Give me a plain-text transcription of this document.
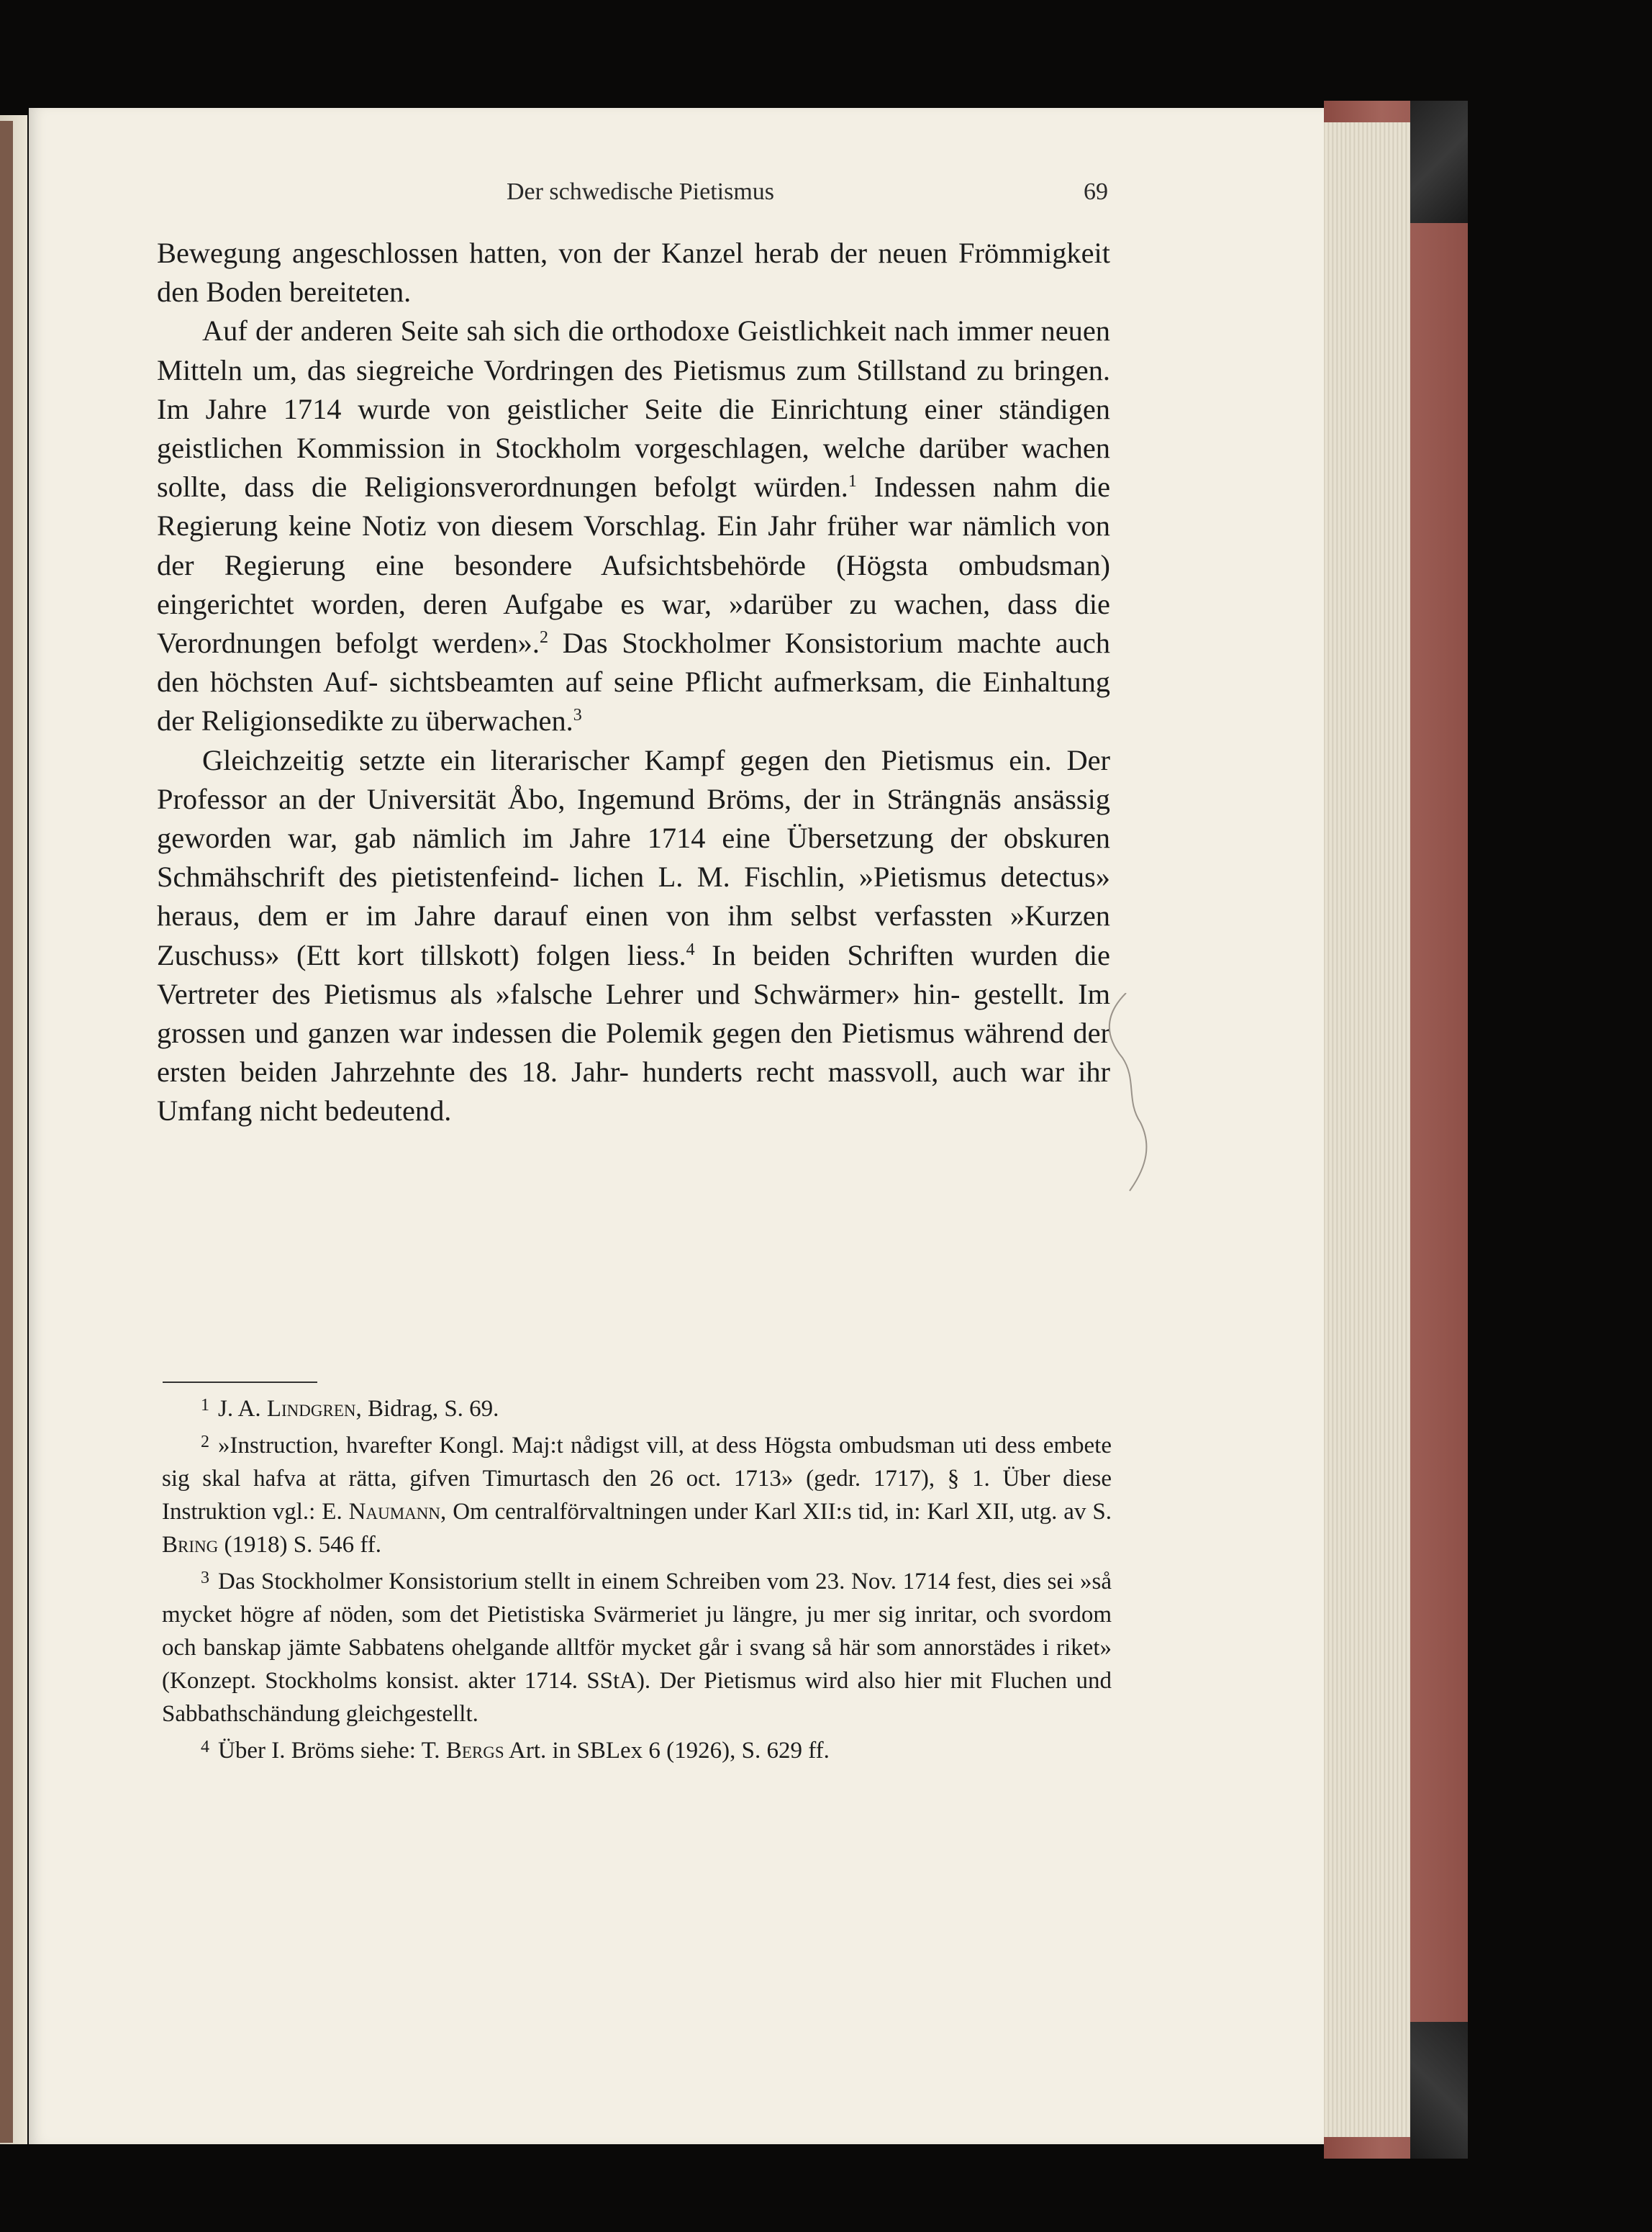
Der schwedische Pietismus	69

Bewegung angeschlossen hatten, von der Kanzel herab der neuen Frömmigkeit den Boden bereiteten.

Auf der anderen Seite sah sich die orthodoxe Geistlichkeit nach immer neuen Mitteln um, das siegreiche Vordringen des Pietismus zum Stillstand zu bringen. Im Jahre 1714 wurde von geistlicher Seite die Einrichtung einer ständigen geistlichen Kommission in Stockholm vorgeschlagen, welche darüber wachen sollte, dass die Religionsverordnungen befolgt würden.$^1$ Indessen nahm die Regierung keine Notiz von diesem Vorschlag. Ein Jahr früher war nämlich von der Regierung eine besondere Aufsichtsbehörde (Högsta ombudsman) eingerichtet worden, deren Aufgabe es war, »darüber zu wachen, dass die Verordnungen befolgt werden».$^2$ Das Stockholmer Konsistorium machte auch den höchsten Auf- sichtsbeamten auf seine Pflicht aufmerksam, die Einhaltung der Religionsedikte zu überwachen.$^3$

Gleichzeitig setzte ein literarischer Kampf gegen den Pietismus ein. Der Professor an der Universität Åbo, Ingemund Bröms, der in Strängnäs ansässig geworden war, gab nämlich im Jahre 1714 eine Übersetzung der obskuren Schmähschrift des pietistenfeind- lichen L. M. Fischlin, »Pietismus detectus» heraus, dem er im Jahre darauf einen von ihm selbst verfassten »Kurzen Zuschuss» (Ett kort tillskott) folgen liess.$^4$ In beiden Schriften wurden die Vertreter des Pietismus als »falsche Lehrer und Schwärmer» hin- gestellt. Im grossen und ganzen war indessen die Polemik gegen den Pietismus während der ersten beiden Jahrzehnte des 18. Jahr- hunderts recht massvoll, auch war ihr Umfang nicht bedeutend.

$^1$ J. A. Lindgren, Bidrag, S. 69.

$^2$ »Instruction, hvarefter Kongl. Maj:t nådigst vill, at dess Högsta ombudsman uti dess embete sig skal hafva at rätta, gifven Timurtasch den 26 oct. 1713» (gedr. 1717), § 1. Über diese Instruktion vgl.: E. Naumann, Om centralförvaltningen under Karl XII:s tid, in: Karl XII, utg. av S. Bring (1918) S. 546 ff.

$^3$ Das Stockholmer Konsistorium stellt in einem Schreiben vom 23. Nov. 1714 fest, dies sei »så mycket högre af nöden, som det Pietistiska Svärmeriet ju längre, ju mer sig inritar, och svordom och banskap jämte Sabbatens ohelgande alltför mycket går i svang så här som annorstädes i riket» (Konzept. Stockholms konsist. akter 1714. SStA). Der Pietismus wird also hier mit Fluchen und Sabbathschändung gleichgestellt.

$^4$ Über I. Bröms siehe: T. Bergs Art. in SBLex 6 (1926), S. 629 ff.
